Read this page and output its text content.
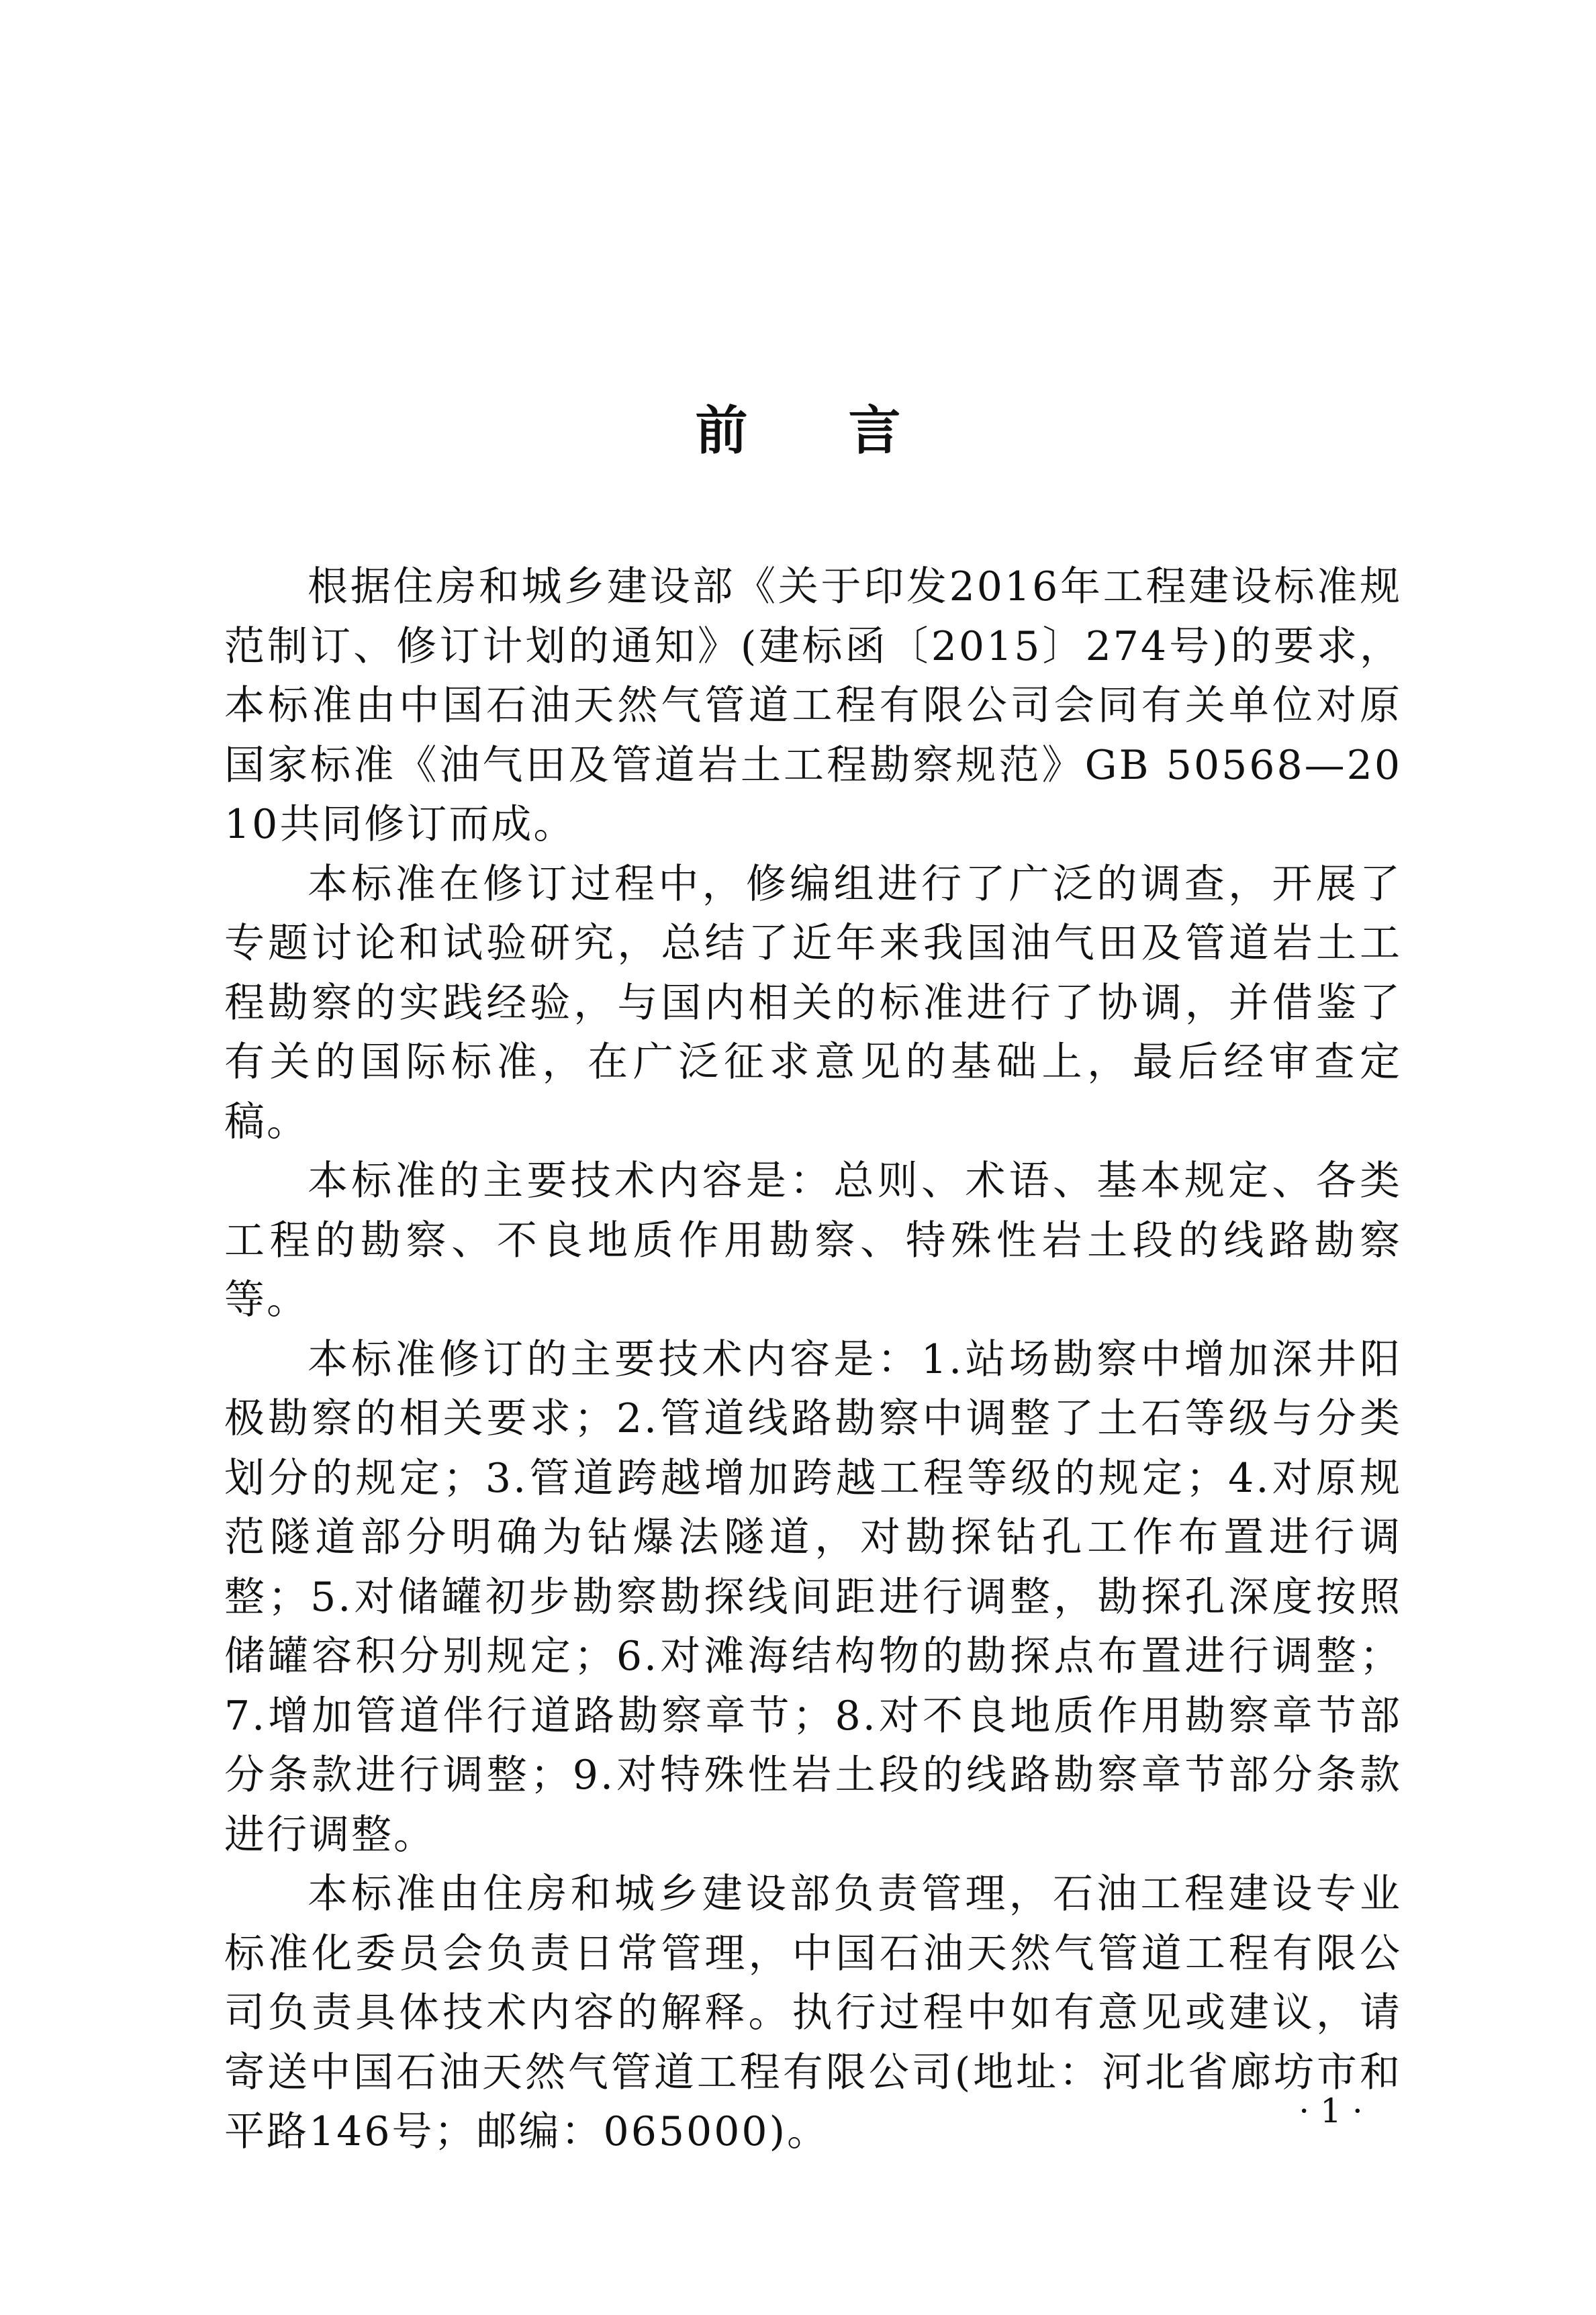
前言

根据住房和城乡建设部《关于印发2016年工程建设标准规范制订、修订计划的通知》(建标函〔2015〕274号)的要求，本标准由中国石油天然气管道工程有限公司会同有关单位对原国家标准《油气田及管道岩土工程勘察规范》GB 50568—2010共同修订而成。

本标准在修订过程中，修编组进行了广泛的调查，开展了专题讨论和试验研究，总结了近年来我国油气田及管道岩土工程勘察的实践经验，与国内相关的标准进行了协调，并借鉴了有关的国际标准，在广泛征求意见的基础上，最后经审查定稿。

本标准的主要技术内容是：总则、术语、基本规定、各类工程的勘察、不良地质作用勘察、特殊性岩土段的线路勘察等。

本标准修订的主要技术内容是：1.站场勘察中增加深井阳极勘察的相关要求；2.管道线路勘察中调整了土石等级与分类划分的规定；3.管道跨越增加跨越工程等级的规定；4.对原规范隧道部分明确为钻爆法隧道，对勘探钻孔工作布置进行调整；5.对储罐初步勘察勘探线间距进行调整，勘探孔深度按照储罐容积分别规定；6.对滩海结构物的勘探点布置进行调整；7.增加管道伴行道路勘察章节；8.对不良地质作用勘察章节部分条款进行调整；9.对特殊性岩土段的线路勘察章节部分条款进行调整。

本标准由住房和城乡建设部负责管理，石油工程建设专业标准化委员会负责日常管理，中国石油天然气管道工程有限公司负责具体技术内容的解释。执行过程中如有意见或建议，请寄送中国石油天然气管道工程有限公司(地址：河北省廊坊市和平路146号；邮编：065000)。	·1·
